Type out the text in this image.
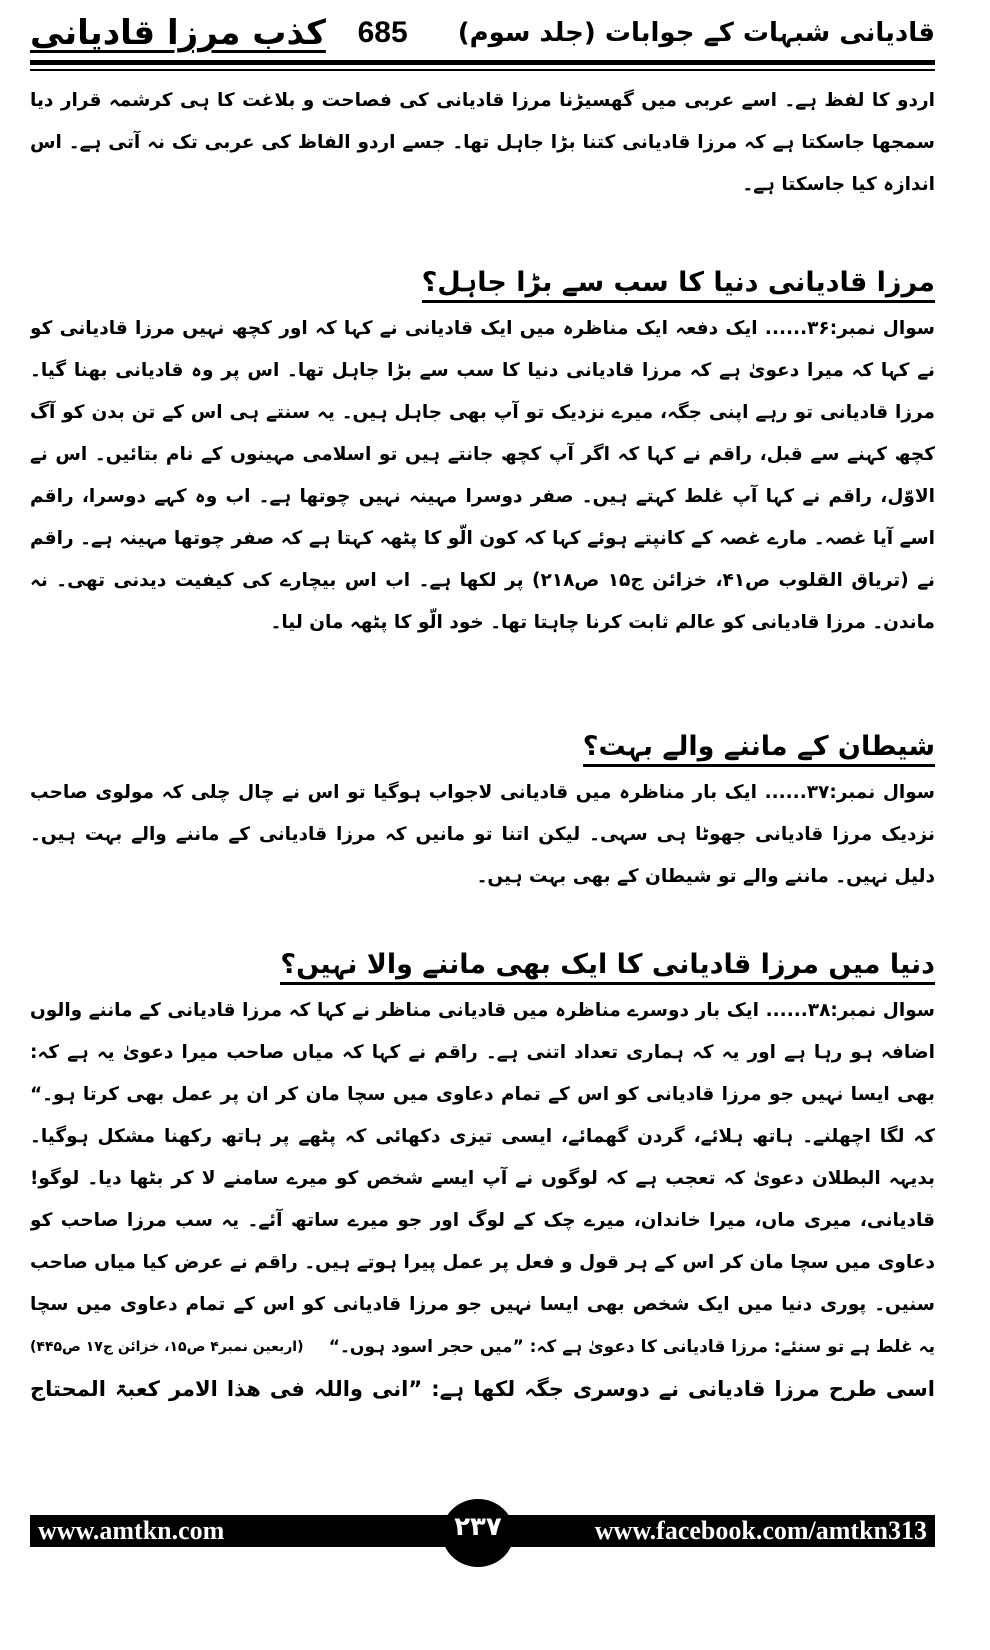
قادیانی شبہات کے جوابات (جلد سوم)
685
کذب مرزا قادیانی
اردو کا لفظ ہے۔ اسے عربی میں گھسیڑنا مرزا قادیانی کی فصاحت و بلاغت کا ہی کرشمہ قرار دیا
سمجھا جاسکتا ہے کہ مرزا قادیانی کتنا بڑا جاہل تھا۔ جسے اردو الفاظ کی عربی تک نہ آتی ہے۔ اس
اندازہ کیا جاسکتا ہے۔
مرزا قادیانی دنیا کا سب سے بڑا جاہل؟
سوال نمبر:۳۶...... ایک دفعہ ایک مناظرہ میں ایک قادیانی نے کہا کہ اور کچھ نہیں مرزا قادیانی کو
نے کہا کہ میرا دعویٰ ہے کہ مرزا قادیانی دنیا کا سب سے بڑا جاہل تھا۔ اس پر وہ قادیانی بھنا گیا۔
مرزا قادیانی تو رہے اپنی جگہ، میرے نزدیک تو آپ بھی جاہل ہیں۔ یہ سنتے ہی اس کے تن بدن کو آگ
کچھ کہنے سے قبل، راقم نے کہا کہ اگر آپ کچھ جانتے ہیں تو اسلامی مہینوں کے نام بتائیں۔ اس نے
الاوّل، راقم نے کہا آپ غلط کہتے ہیں۔ صفر دوسرا مہینہ نہیں چوتھا ہے۔ اب وہ کہے دوسرا، راقم
اسے آیا غصہ۔ مارے غصہ کے کانپتے ہوئے کہا کہ کون الّو کا پٹھہ کہتا ہے کہ صفر چوتھا مہینہ ہے۔ راقم
نے (تریاق القلوب ص۴۱، خزائن ج۱۵ ص۲۱۸) پر لکھا ہے۔ اب اس بیچارے کی کیفیت دیدنی تھی۔ نہ
ماندن۔ مرزا قادیانی کو عالم ثابت کرنا چاہتا تھا۔ خود الّو کا پٹھہ مان لیا۔
شیطان کے ماننے والے بہت؟
سوال نمبر:۳۷...... ایک بار مناظرہ میں قادیانی لاجواب ہوگیا تو اس نے چال چلی کہ مولوی صاحب
نزدیک مرزا قادیانی جھوٹا ہی سہی۔ لیکن اتنا تو مانیں کہ مرزا قادیانی کے ماننے والے بہت ہیں۔
دلیل نہیں۔ ماننے والے تو شیطان کے بھی بہت ہیں۔
دنیا میں مرزا قادیانی کا ایک بھی ماننے والا نہیں؟
سوال نمبر:۳۸...... ایک بار دوسرے مناظرہ میں قادیانی مناظر نے کہا کہ مرزا قادیانی کے ماننے والوں
اضافہ ہو رہا ہے اور یہ کہ ہماری تعداد اتنی ہے۔ راقم نے کہا کہ میاں صاحب میرا دعویٰ یہ ہے کہ:
بھی ایسا نہیں جو مرزا قادیانی کو اس کے تمام دعاوی میں سچا مان کر ان پر عمل بھی کرتا ہو۔“
کہ لگا اچھلنے۔ ہاتھ ہلائے، گردن گھمائے، ایسی تیزی دکھائی کہ پٹھے پر ہاتھ رکھنا مشکل ہوگیا۔
بدیہہ البطلان دعویٰ کہ تعجب ہے کہ لوگوں نے آپ ایسے شخص کو میرے سامنے لا کر بٹھا دیا۔ لوگو!
قادیانی، میری ماں، میرا خاندان، میرے چک کے لوگ اور جو میرے ساتھ آئے۔ یہ سب مرزا صاحب کو
دعاوی میں سچا مان کر اس کے ہر قول و فعل پر عمل پیرا ہوتے ہیں۔ راقم نے عرض کیا میاں صاحب
سنیں۔ پوری دنیا میں ایک شخص بھی ایسا نہیں جو مرزا قادیانی کو اس کے تمام دعاوی میں سچا
یہ غلط ہے تو سنئے: مرزا قادیانی کا دعویٰ ہے کہ: ”میں حجر اسود ہوں۔“
(اربعین نمبر۴ ص۱۵، خزائن ج۱۷ ص۴۴۵)
اسی طرح مرزا قادیانی نے دوسری جگہ لکھا ہے: ”انی واللہ فی ھذا الامر کعبۃ المحتاج
www.amtkn.com	۲۳۷	www.facebook.com/amtkn313
